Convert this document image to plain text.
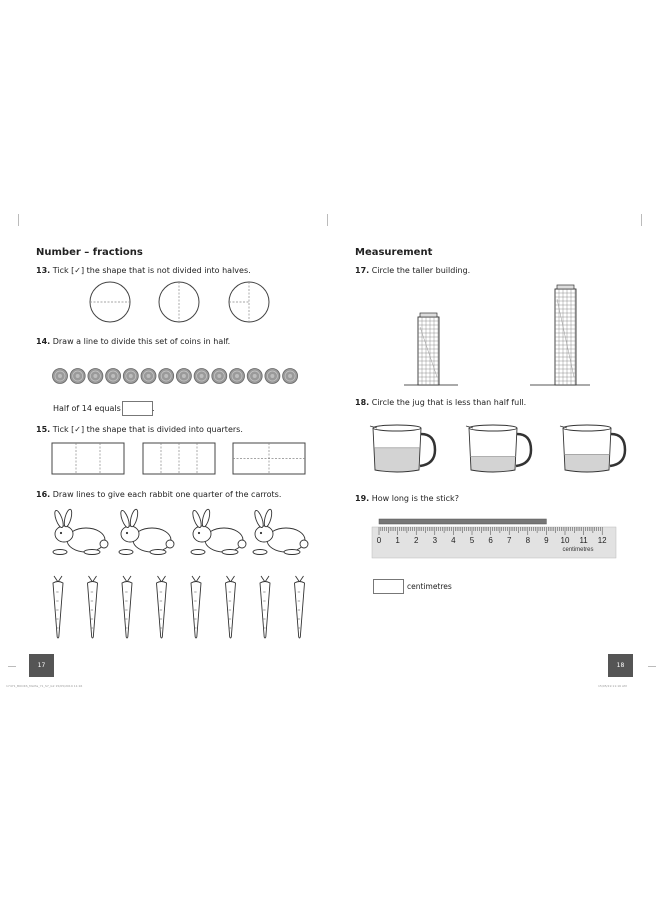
Number – fractions
13. Tick [✓] the shape that is not divided into halves.
14. Draw a line to divide this set of coins in half.
Half of 14 equals	.
15. Tick [✓] the shape that is divided into quarters.
16. Draw lines to give each rabbit one quarter of the carrots.
17
17471_BOOKS_Maths_Y1_S7_G2 15/05/2019 11:16
Measurement
17. Circle the taller building.
18. Circle the jug that is less than half full.
19. How long is the stick?
centimetres
0 1 2 3 4 5 6 7 8 9 10 11 12
centimetres
18
15/05/19 11:16 AM
